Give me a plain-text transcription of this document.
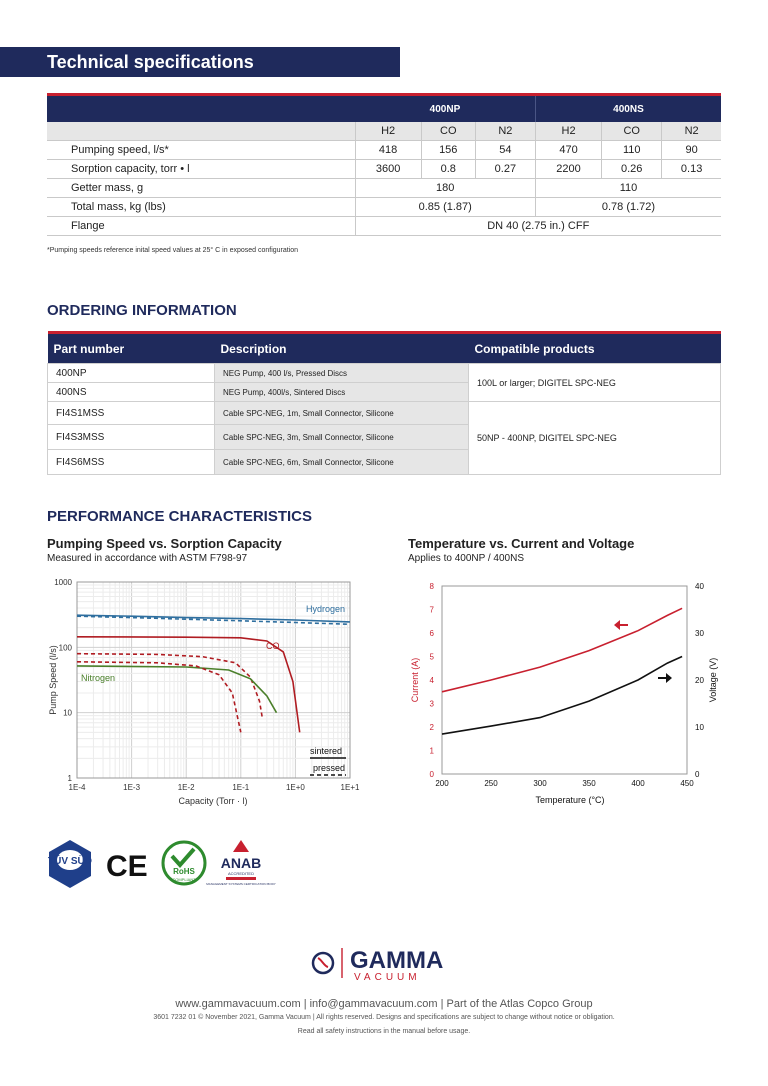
Technical specifications
	400NP			400NS		
	H2	CO	N2	H2	CO	N2
Pumping speed, l/s*	418	156	54	470	110	90
Sorption capacity, torr • l	3600	0.8	0.27	2200	0.26	0.13
Getter mass, g	180			110		
Total mass, kg (lbs)	0.85 (1.87)			0.78 (1.72)		
Flange	DN 40 (2.75 in.) CFF					
*Pumping speeds reference inital speed values at 25° C in exposed configuration
ORDERING INFORMATION
Part number	Description	Compatible products
400NP	NEG Pump, 400 l/s, Pressed Discs	100L or larger; DIGITEL SPC-NEG
400NS	NEG Pump, 400l/s, Sintered Discs	
FI4S1MSS	Cable SPC-NEG, 1m, Small Connector, Silicone	50NP - 400NP, DIGITEL SPC-NEG
FI4S3MSS	Cable SPC-NEG, 3m, Small Connector, Silicone	
FI4S6MSS	Cable SPC-NEG, 6m, Small Connector, Silicone	
PERFORMANCE CHARACTERISTICS
Pumping Speed vs. Sorption Capacity
Measured in accordance with ASTM F798-97
Temperature vs. Current and Voltage
Applies to 400NP / 400NS
1E-4	1E-3	1E-2	1E-1	1E+0	1E+1
1000
100
10
1
Hydrogen
CO
Nitrogen
sintered
pressed
Capacity (Torr · l)
Pump Speed (l/s)
200	250	300	350	400	450
0
1
2
3
4
5
6
7
8
0
10
20
30
40
Current (A)	Voltage (V)
Temperature (°C)
TÜV SÜD CE	RoHS
COMPLIANT
ANAB
ACCREDITED
MANAGEMENT SYSTEMS CERTIFICATION BODY
GAMMA
VACUUM
www.gammavacuum.com | info@gammavacuum.com | Part of the Atlas Copco Group
3601 7232 01 © November 2021, Gamma Vacuum | All rights reserved. Designs and specifications are subject to change without notice or obligation.
Read all safety instructions in the manual before usage.
